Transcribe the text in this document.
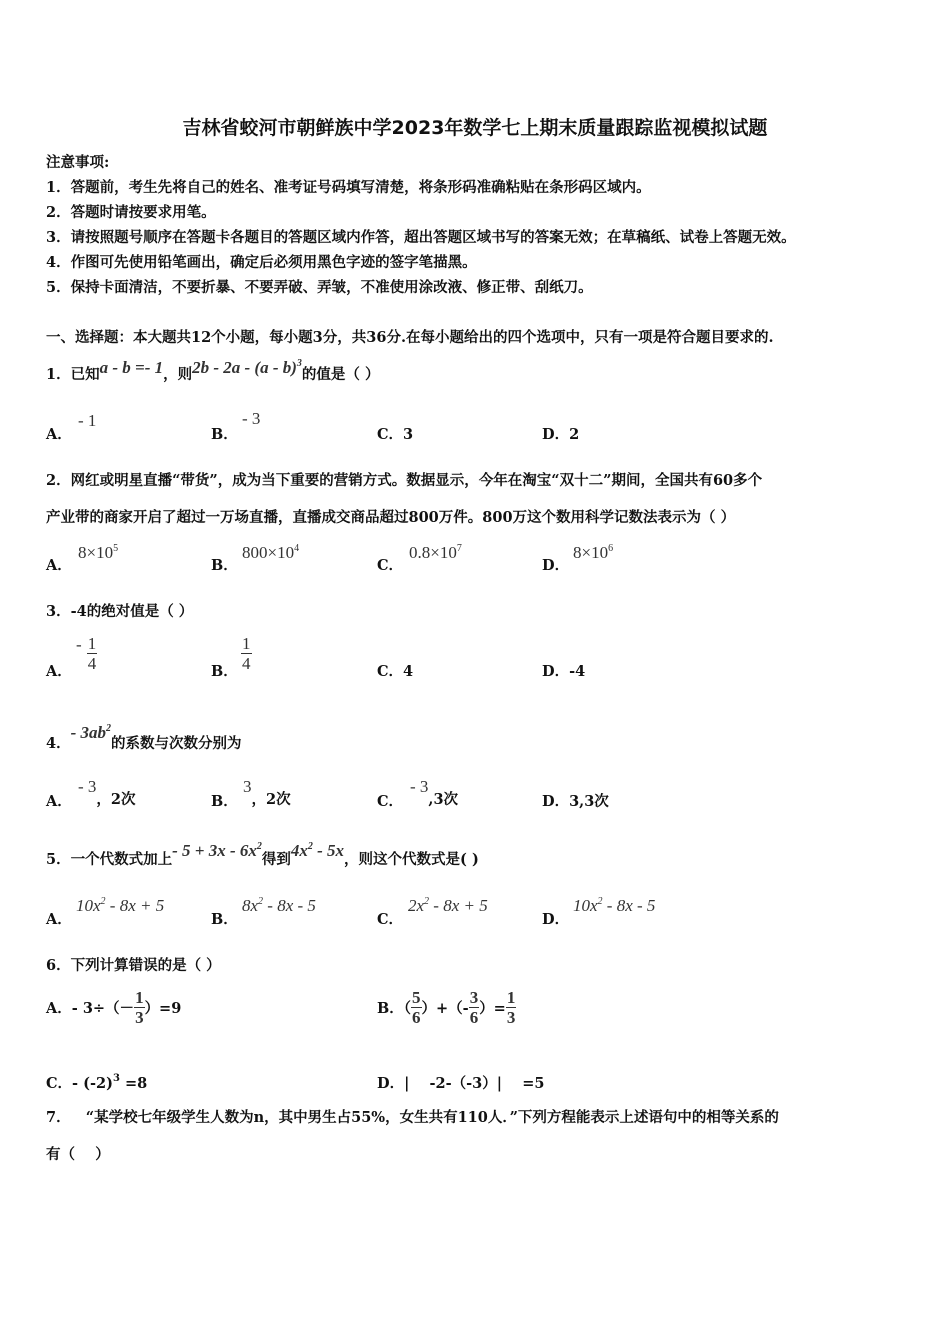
吉林省蛟河市朝鲜族中学2023年数学七上期末质量跟踪监视模拟试题
注意事项:
1．答题前，考生先将自己的姓名、准考证号码填写清楚，将条形码准确粘贴在条形码区域内。
2．答题时请按要求用笔。
3．请按照题号顺序在答题卡各题目的答题区域内作答，超出答题区域书写的答案无效；在草稿纸、试卷上答题无效。
4．作图可先使用铅笔画出，确定后必须用黑色字迹的签字笔描黑。
5．保持卡面清洁，不要折暴、不要弄破、弄皱，不准使用涂改液、修正带、刮纸刀。
一、选择题：本大题共12个小题，每小题3分，共36分.在每小题给出的四个选项中，只有一项是符合题目要求的.
1．已知a - b =- 1，则2b - 2a - (a - b)$^3$的值是（ ）
A．
- 1
B．
- 3
C．3	D．2
2．网红或明星直播“带货”，成为当下重要的营销方式。数据显示，今年在淘宝“双十二”期间，全国共有60多个
产业带的商家开启了超过一万场直播，直播成交商品超过800万件。800万这个数用科学记数法表示为（ ）
A．
$8\times 10^5$
B．
$800\times 10^4$
C．
$0.8\times 10^7$
D．
$8\times 10^6$
3．-4的绝对值是（ ）
A．
- $\frac{1}{4}$	B． $\frac{1}{4}$	C．4	D．-4
4．- $3ab^2$的系数与次数分别为
A．
- 3，2次	B．
3，2次	C．
- 3,3次	D．3,3次
5．一个代数式加上- $5 + 3x - 6x^2$得到$4x^2 - 5x$，则这个代数式是( )
A．
$10x^2 - 8x + 5$
B．
$8x^2 - 8x - 5$
C．
$2x^2 - 8x + 5$
D．
$10x^2 - 8x - 5$
6．下列计算错误的是（ ）
A．- $3\div(- \frac{1}{3} )=9$	B．（ $\frac{5}{6}$ ）+（- $\frac{3}{6}$ ）= $\frac{1}{3}$
C．- $(-2)^3 =8$	D．|    -2-（-3）|    =5
7．   “某学校七年级学生人数为n，其中男生占55%，女生共有110人．”下列方程能表示上述语句中的相等关系的
有（    ）
